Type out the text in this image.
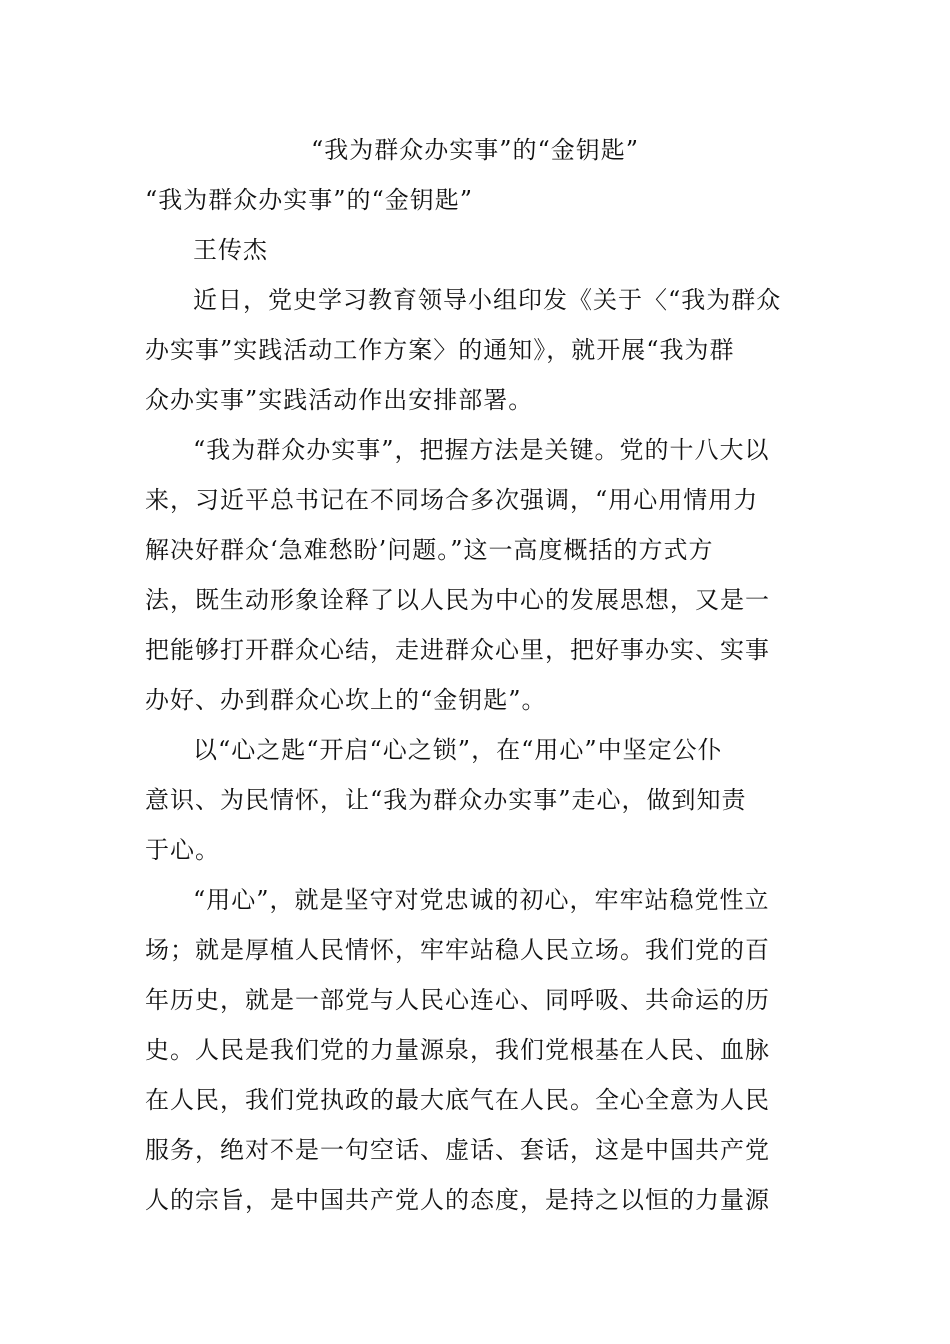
“我为群众办实事”的“金钥匙”
“我为群众办实事”的“金钥匙”
王传杰
近日，党史学习教育领导小组印发《关于〈“我为群众
办实事”实践活动工作方案〉的通知》，就开展“我为群
众办实事”实践活动作出安排部署。
“我为群众办实事”，把握方法是关键。党的十八大以
来，习近平总书记在不同场合多次强调，“用心用情用力
解决好群众‘急难愁盼’问题。”这一高度概括的方式方
法，既生动形象诠释了以人民为中心的发展思想，又是一
把能够打开群众心结，走进群众心里，把好事办实、实事
办好、办到群众心坎上的“金钥匙”。
以“心之匙“开启“心之锁”，在“用心”中坚定公仆
意识、为民情怀，让“我为群众办实事”走心，做到知责
于心。
“用心”，就是坚守对党忠诚的初心，牢牢站稳党性立
场；就是厚植人民情怀，牢牢站稳人民立场。我们党的百
年历史，就是一部党与人民心连心、同呼吸、共命运的历
史。人民是我们党的力量源泉，我们党根基在人民、血脉
在人民，我们党执政的最大底气在人民。全心全意为人民
服务，绝对不是一句空话、虚话、套话，这是中国共产党
人的宗旨，是中国共产党人的态度，是持之以恒的力量源
